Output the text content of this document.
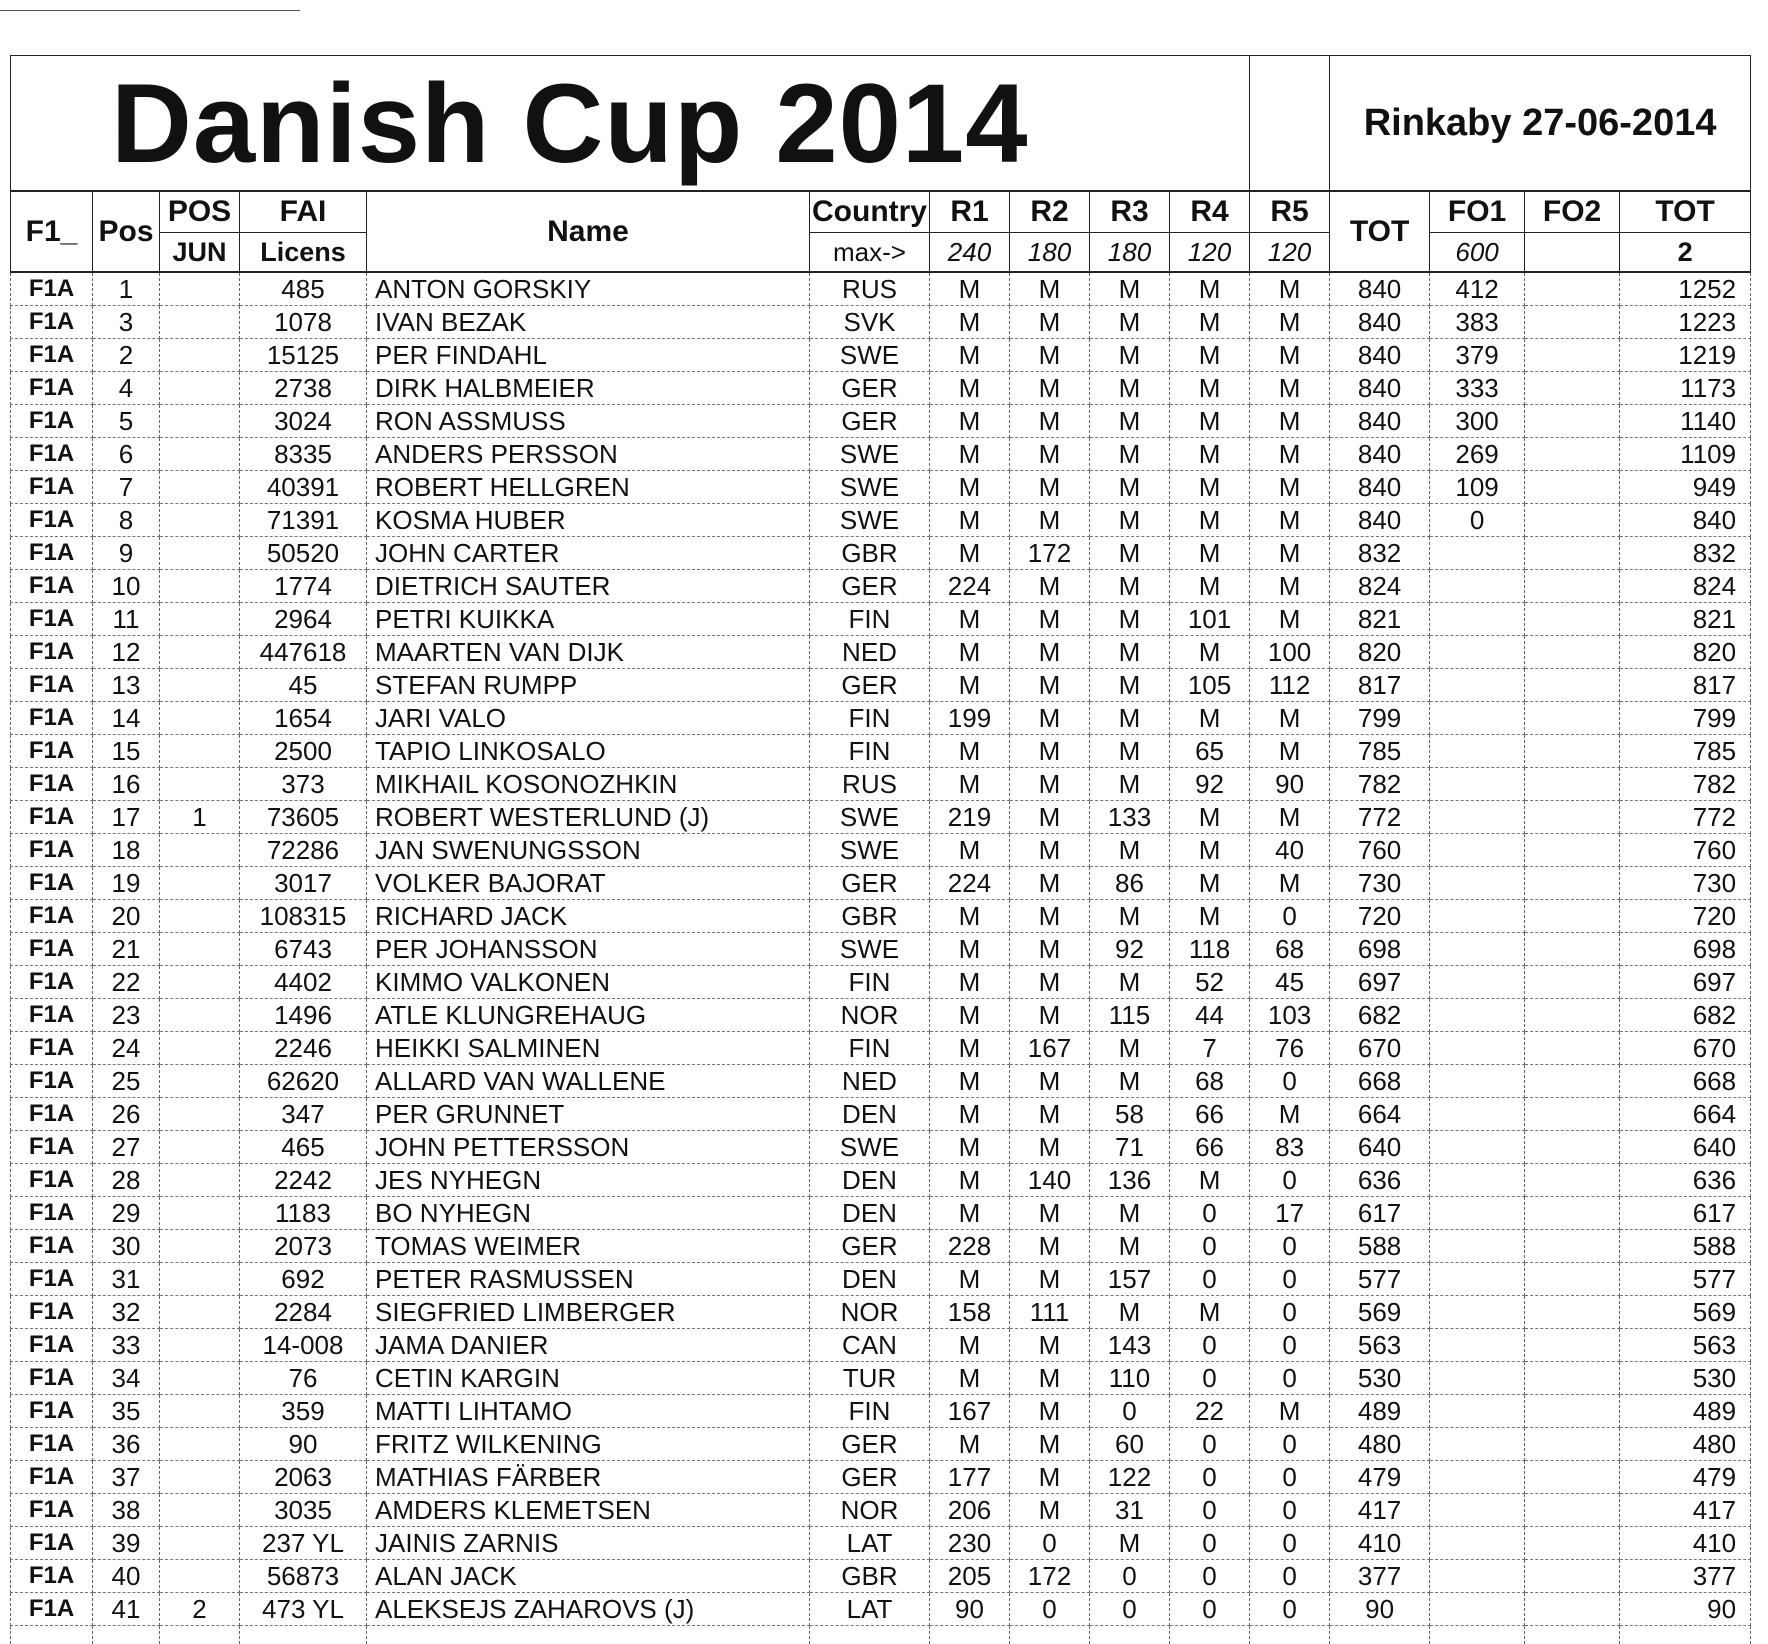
Danish Cup 2014											Rinkaby 27-06-2014			
F1_	Pos	POS	FAI	Name	Country	R1	R2	R3	R4	R5	TOT	FO1	FO2	TOT
		JUN	Licens		max->	240	180	180	120	120		600		2
F1A	1		485	ANTON GORSKIY	RUS	M	M	M	M	M	840	412		1252
F1A	3		1078	IVAN BEZAK	SVK	M	M	M	M	M	840	383		1223
F1A	2		15125	PER FINDAHL	SWE	M	M	M	M	M	840	379		1219
F1A	4		2738	DIRK HALBMEIER	GER	M	M	M	M	M	840	333		1173
F1A	5		3024	RON ASSMUSS	GER	M	M	M	M	M	840	300		1140
F1A	6		8335	ANDERS PERSSON	SWE	M	M	M	M	M	840	269		1109
F1A	7		40391	ROBERT HELLGREN	SWE	M	M	M	M	M	840	109		949
F1A	8		71391	KOSMA HUBER	SWE	M	M	M	M	M	840	0		840
F1A	9		50520	JOHN CARTER	GBR	M	172	M	M	M	832			832
F1A	10		1774	DIETRICH SAUTER	GER	224	M	M	M	M	824			824
F1A	11		2964	PETRI KUIKKA	FIN	M	M	M	101	M	821			821
F1A	12		447618	MAARTEN VAN DIJK	NED	M	M	M	M	100	820			820
F1A	13		45	STEFAN RUMPP	GER	M	M	M	105	112	817			817
F1A	14		1654	JARI VALO	FIN	199	M	M	M	M	799			799
F1A	15		2500	TAPIO LINKOSALO	FIN	M	M	M	65	M	785			785
F1A	16		373	MIKHAIL KOSONOZHKIN	RUS	M	M	M	92	90	782			782
F1A	17	1	73605	ROBERT WESTERLUND (J)	SWE	219	M	133	M	M	772			772
F1A	18		72286	JAN SWENUNGSSON	SWE	M	M	M	M	40	760			760
F1A	19		3017	VOLKER BAJORAT	GER	224	M	86	M	M	730			730
F1A	20		108315	RICHARD JACK	GBR	M	M	M	M	0	720			720
F1A	21		6743	PER JOHANSSON	SWE	M	M	92	118	68	698			698
F1A	22		4402	KIMMO VALKONEN	FIN	M	M	M	52	45	697			697
F1A	23		1496	ATLE KLUNGREHAUG	NOR	M	M	115	44	103	682			682
F1A	24		2246	HEIKKI SALMINEN	FIN	M	167	M	7	76	670			670
F1A	25		62620	ALLARD VAN WALLENE	NED	M	M	M	68	0	668			668
F1A	26		347	PER GRUNNET	DEN	M	M	58	66	M	664			664
F1A	27		465	JOHN PETTERSSON	SWE	M	M	71	66	83	640			640
F1A	28		2242	JES NYHEGN	DEN	M	140	136	M	0	636			636
F1A	29		1183	BO NYHEGN	DEN	M	M	M	0	17	617			617
F1A	30		2073	TOMAS WEIMER	GER	228	M	M	0	0	588			588
F1A	31		692	PETER RASMUSSEN	DEN	M	M	157	0	0	577			577
F1A	32		2284	SIEGFRIED LIMBERGER	NOR	158	111	M	M	0	569			569
F1A	33		14-008	JAMA DANIER	CAN	M	M	143	0	0	563			563
F1A	34		76	CETIN KARGIN	TUR	M	M	110	0	0	530			530
F1A	35		359	MATTI LIHTAMO	FIN	167	M	0	22	M	489			489
F1A	36		90	FRITZ WILKENING	GER	M	M	60	0	0	480			480
F1A	37		2063	MATHIAS FÄRBER	GER	177	M	122	0	0	479			479
F1A	38		3035	AMDERS KLEMETSEN	NOR	206	M	31	0	0	417			417
F1A	39		237 YL	JAINIS ZARNIS	LAT	230	0	M	0	0	410			410
F1A	40		56873	ALAN JACK	GBR	205	172	0	0	0	377			377
F1A	41	2	473 YL	ALEKSEJS ZAHAROVS (J)	LAT	90	0	0	0	0	90			90
